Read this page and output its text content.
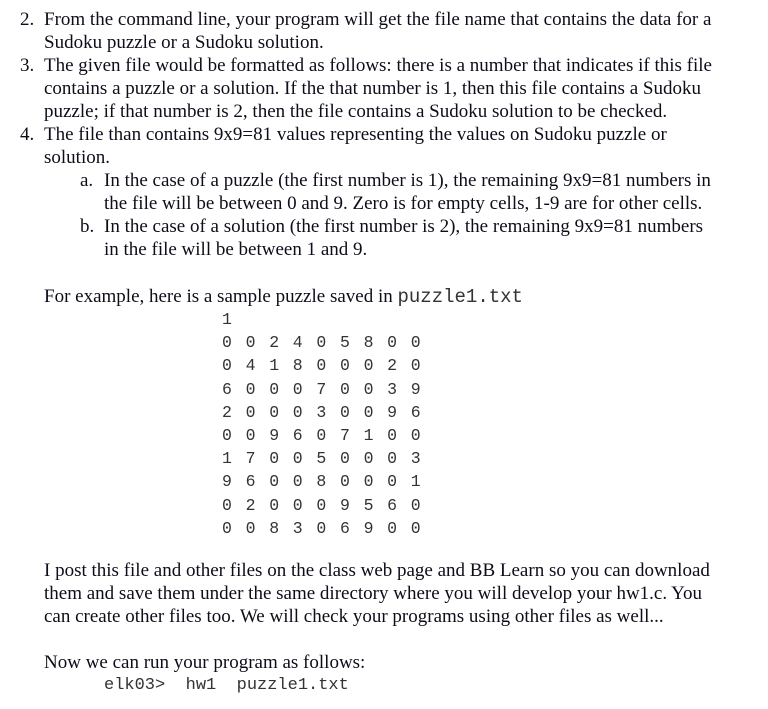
2. From the command line, your program will get the file name that contains the data for a
Sudoku puzzle or a Sudoku solution.
3. The given file would be formatted as follows: there is a number that indicates if this file
contains a puzzle or a solution. If the that number is 1, then this file contains a Sudoku
puzzle; if that number is 2, then the file contains a Sudoku solution to be checked.
4. The file than contains 9x9=81 values representing the values on Sudoku puzzle or
solution.
a. In the case of a puzzle (the first number is 1), the remaining 9x9=81 numbers in
the file will be between 0 and 9. Zero is for empty cells, 1-9 are for other cells.
b. In the case of a solution (the first number is 2), the remaining 9x9=81 numbers
in the file will be between 1 and 9.
For example, here is a sample puzzle saved in puzzle1.txt
1
0 0 2 4 0 5 8 0 0
0 4 1 8 0 0 0 2 0
6 0 0 0 7 0 0 3 9
2 0 0 0 3 0 0 9 6
0 0 9 6 0 7 1 0 0
1 7 0 0 5 0 0 0 3
9 6 0 0 8 0 0 0 1
0 2 0 0 0 9 5 6 0
0 0 8 3 0 6 9 0 0
I post this file and other files on the class web page and BB Learn so you can download
them and save them under the same directory where you will develop your hw1.c. You
can create other files too. We will check your programs using other files as well...
Now we can run your program as follows:
elk03>  hw1  puzzle1.txt
